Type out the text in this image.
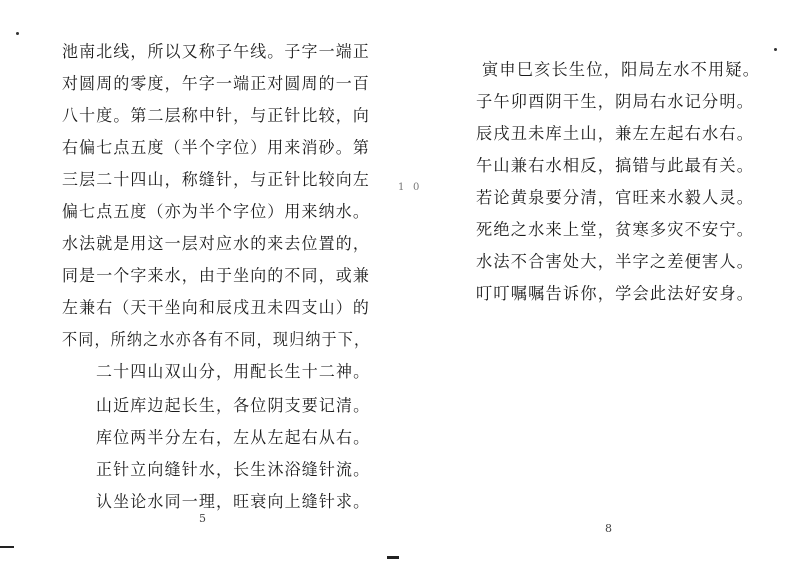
池南北线，所以又称子午线。子字一端正
对圆周的零度，午字一端正对圆周的一百
八十度。第二层称中针，与正针比较，向
右偏七点五度（半个字位）用来消砂。第
三层二十四山，称缝针，与正针比较向左
偏七点五度（亦为半个字位）用来纳水。
水法就是用这一层对应水的来去位置的，
同是一个字来水，由于坐向的不同，或兼
左兼右（天干坐向和辰戌丑未四支山）的
不同，所纳之水亦各有不同，现归纳于下，
二十四山双山分，用配长生十二神。
山近库边起长生，各位阴支要记清。
库位两半分左右，左从左起右从右。
正针立向缝针水，长生沐浴缝针流。
认坐论水同一理，旺衰向上缝针求。
5
1 0
寅申巳亥长生位，阳局左水不用疑。
子午卯酉阴干生，阴局右水记分明。
辰戌丑未库土山，兼左左起右水右。
午山兼右水相反，搞错与此最有关。
若论黄泉要分清，官旺来水毅人灵。
死绝之水来上堂，贫寒多灾不安宁。
水法不合害处大，半字之差便害人。
叮叮嘱嘱告诉你，学会此法好安身。
8
